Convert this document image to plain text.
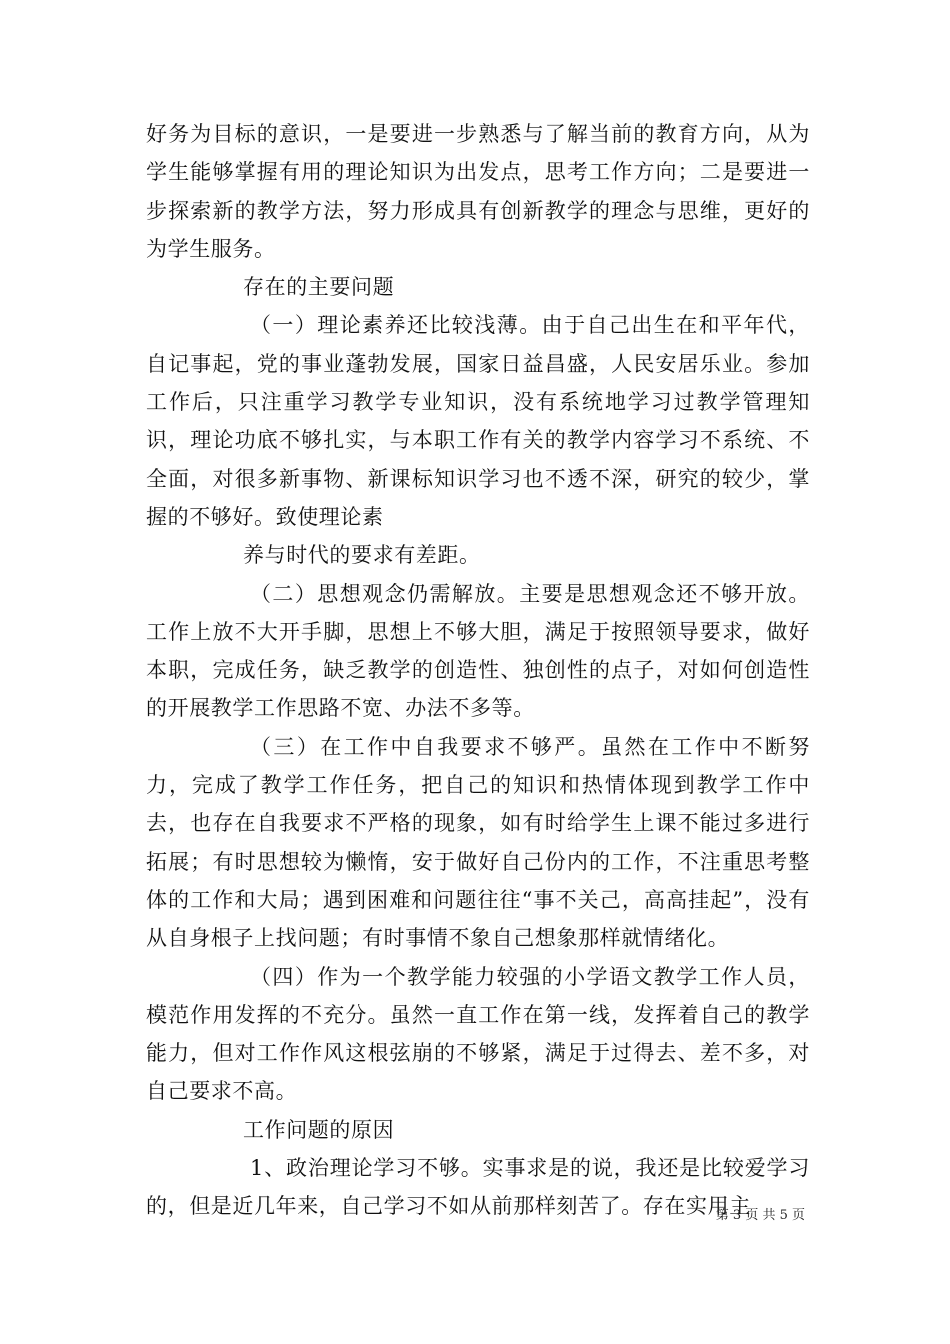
好务为目标的意识，一是要进一步熟悉与了解当前的教育方向，从为学生能够掌握有用的理论知识为出发点，思考工作方向；二是要进一步探索新的教学方法，努力形成具有创新教学的理念与思维，更好的为学生服务。

存在的主要问题

（一）理论素养还比较浅薄。由于自己出生在和平年代，自记事起，党的事业蓬勃发展，国家日益昌盛，人民安居乐业。参加工作后，只注重学习教学专业知识，没有系统地学习过教学管理知识，理论功底不够扎实，与本职工作有关的教学内容学习不系统、不全面，对很多新事物、新课标知识学习也不透不深，研究的较少，掌握的不够好。致使理论素

养与时代的要求有差距。

（二）思想观念仍需解放。主要是思想观念还不够开放。工作上放不大开手脚，思想上不够大胆，满足于按照领导要求，做好本职，完成任务，缺乏教学的创造性、独创性的点子，对如何创造性的开展教学工作思路不宽、办法不多等。

（三）在工作中自我要求不够严。虽然在工作中不断努力，完成了教学工作任务，把自己的知识和热情体现到教学工作中去，也存在自我要求不严格的现象，如有时给学生上课不能过多进行拓展；有时思想较为懒惰，安于做好自己份内的工作，不注重思考整体的工作和大局；遇到困难和问题往往“事不关己，高高挂起”，没有从自身根子上找问题；有时事情不象自己想象那样就情绪化。

（四）作为一个教学能力较强的小学语文教学工作人员，模范作用发挥的不充分。虽然一直工作在第一线，发挥着自己的教学能力，但对工作作风这根弦崩的不够紧，满足于过得去、差不多，对自己要求不高。

工作问题的原因

1、政治理论学习不够。实事求是的说，我还是比较爱学习的，但是近几年来，自己学习不如从前那样刻苦了。存在实用主

第 3 页 共 5 页
